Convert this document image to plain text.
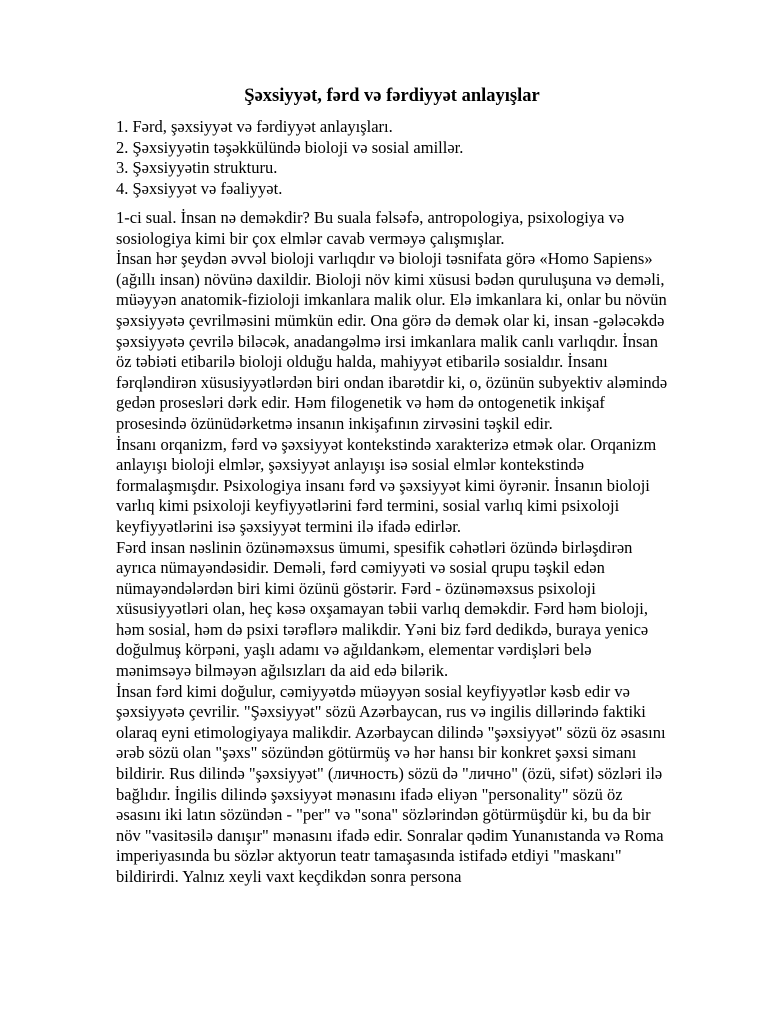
Şəxsiyyət, fərd və fərdiyyət anlayışlar
1. Fərd, şəxsiyyət və fərdiyyət anlayışları.
2. Şəxsiyyətin təşəkkülündə bioloji və sosial amillər.
3. Şəxsiyyətin strukturu.
4. Şəxsiyyət və fəaliyyət.

1-ci sual. İnsan nə deməkdir? Bu suala fəlsəfə, antropologiya, psixologiya və sosiologiya kimi bir çox elmlər cavab verməyə çalışmışlar.

İnsan hər şeydən əvvəl bioloji varlıqdır və bioloji təsnifata görə «Homo Sapiens» (ağıllı insan) növünə daxildir. Bioloji növ kimi xüsusi bədən quruluşuna və deməli, müəyyən anatomik-fizioloji imkanlara malik olur. Elə imkanlara ki, onlar bu növün şəxsiyyətə çevrilməsini mümkün edir. Ona görə də demək olar ki, insan -gələcəkdə şəxsiyyətə çevrilə biləcək, anadangəlmə irsi imkanlara malik canlı varlıqdır. İnsan öz təbiəti etibarilə bioloji olduğu halda, mahiyyət etibarilə sosialdır. İnsanı fərqləndirən xüsusiyyətlərdən biri ondan ibarətdir ki, o, özünün subyektiv aləmində gedən prosesləri dərk edir. Həm filogenetik və həm də ontogenetik inkişaf prosesində özünüdərketmə insanın inkişafının zirvəsini təşkil edir.

İnsanı orqanizm, fərd və şəxsiyyət kontekstində xarakterizə etmək olar. Orqanizm anlayışı bioloji elmlər, şəxsiyyət anlayışı isə sosial elmlər kontekstində formalaşmışdır. Psixologiya insanı fərd və şəxsiyyət kimi öyrənir. İnsanın bioloji varlıq kimi psixoloji keyfiyyətlərini fərd termini, sosial varlıq kimi psixoloji keyfiyyətlərini isə şəxsiyyət termini ilə ifadə edirlər.

Fərd insan nəslinin özünəməxsus ümumi, spesifik cəhətləri özündə birləşdirən ayrıca nümayəndəsidir. Deməli, fərd cəmiyyəti və sosial qrupu təşkil edən nümayəndələrdən biri kimi özünü göstərir. Fərd - özünəməxsus psixoloji xüsusiyyətləri olan, heç kəsə oxşamayan təbii varlıq deməkdir. Fərd həm bioloji, həm sosial, həm də psixi tərəflərə malikdir. Yəni biz fərd dedikdə, buraya yenicə doğulmuş körpəni, yaşlı adamı və ağıldankəm, elementar vərdişləri belə mənimsəyə bilməyən ağılsızları da aid edə bilərik.

İnsan fərd kimi doğulur, cəmiyyətdə müəyyən sosial keyfiyyətlər kəsb edir və şəxsiyyətə çevrilir. "Şəxsiyyət" sözü Azərbaycan, rus və ingilis dillərində faktiki olaraq eyni etimologiyaya malikdir. Azərbaycan dilində "şəxsiyyət" sözü öz əsasını ərəb sözü olan "şəxs" sözündən götürmüş və hər hansı bir konkret şəxsi simanı bildirir. Rus dilində "şəxsiyyət" (личность) sözü də "лично" (özü, sifət) sözləri ilə bağlıdır. İngilis dilində şəxsiyyət mənasını ifadə eliyən "personality" sözü öz əsasını iki latın sözündən - "per" və "sona" sözlərindən götürmüşdür ki, bu da bir növ "vasitəsilə danışır" mənasını ifadə edir. Sonralar qədim Yunanıstanda və Roma imperiyasında bu sözlər aktyorun teatr tamaşasında istifadə etdiyi "maskanı" bildirirdi. Yalnız xeyli vaxt keçdikdən sonra persona
